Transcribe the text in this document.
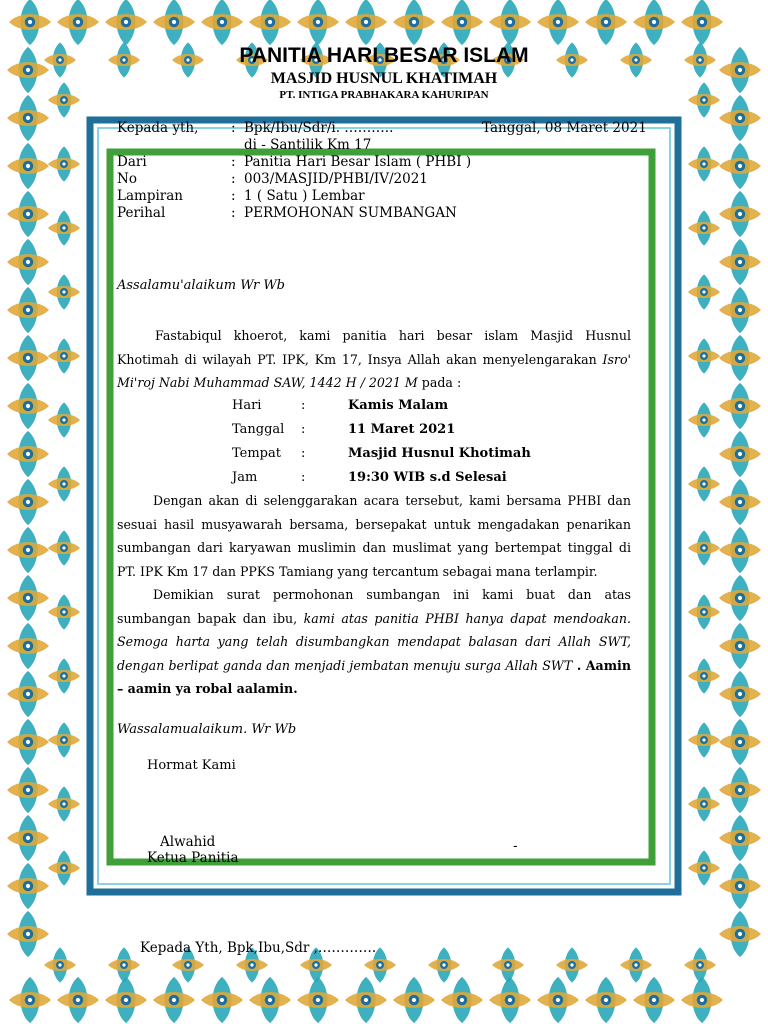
PANITIA HARI BESAR ISLAM
MASJID HUSNUL KHATIMAH
PT. INTIGA PRABHAKARA KAHURIPAN
Kepada yth, : Bpk/Ibu/Sdr/i. ………..	Tanggal, 08 Maret 2021
di - Santilik Km 17
Dari	: Panitia Hari Besar Islam ( PHBI )
No	: 003/MASJID/PHBI/IV/2021
Lampiran	: 1 ( Satu ) Lembar
Perihal	: PERMOHONAN SUMBANGAN
Assalamu'alaikum Wr Wb
Fastabiqul khoerot, kami panitia hari besar islam Masjid Husnul Khotimah di wilayah PT. IPK, Km 17, Insya Allah akan menyelengarakan Isro' Mi'roj Nabi Muhammad SAW, 1442 H / 2021 M pada :
Hari	:	Kamis Malam
Tanggal :	11 Maret 2021
Tempat :	Masjid Husnul Khotimah
Jam	:	19:30 WIB s.d Selesai
Dengan akan di selenggarakan acara tersebut, kami bersama PHBI dan sesuai hasil musyawarah bersama, bersepakat untuk mengadakan penarikan sumbangan dari karyawan muslimin dan muslimat yang bertempat tinggal di PT. IPK Km 17 dan PPKS Tamiang yang tercantum sebagai mana terlampir.
Demikian surat permohonan sumbangan ini kami buat dan atas sumbangan bapak dan ibu, kami atas panitia PHBI hanya dapat mendoakan. Semoga harta yang telah disumbangkan mendapat balasan dari Allah SWT, dengan berlipat ganda dan menjadi jembatan menuju surga Allah SWT . Aamin – aamin ya robal aalamin.
Wassalamualaikum. Wr Wb
Hormat Kami
Alwahid
Ketua Panitia
-
Kepada Yth, Bpk,Ibu,Sdr ,………….
